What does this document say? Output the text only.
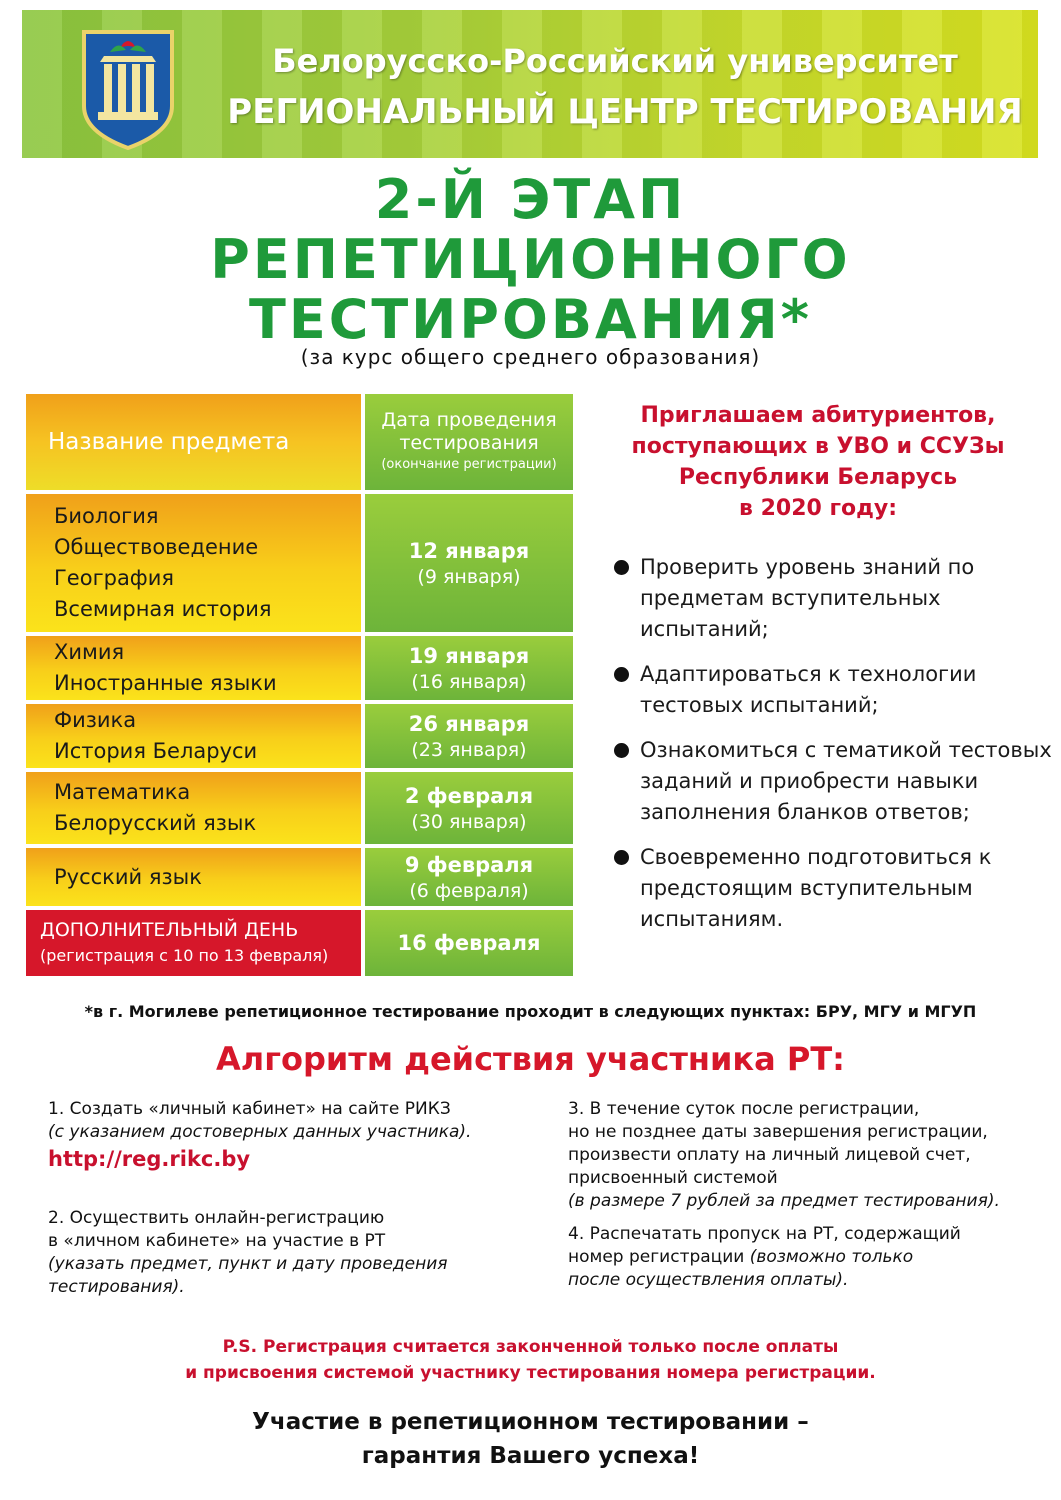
Белорусско-Российский университет
РЕГИОНАЛЬНЫЙ ЦЕНТР ТЕСТИРОВАНИЯ
2-Й ЭТАП
РЕПЕТИЦИОННОГО
ТЕСТИРОВАНИЯ*
(за курс общего среднего образования)
Название предмета
Дата проведения
тестирования
(окончание регистрации)
Биология
Обществоведение
География
Всемирная история
12 января
(9 января)
Химия
Иностранные языки
19 января
(16 января)
Физика
История Беларуси
26 января
(23 января)
Математика
Белорусский язык
2 февраля
(30 января)
Русский язык	9 февраля
(6 февраля)
ДОПОЛНИТЕЛЬНЫЙ ДЕНЬ
(регистрация с 10 по 13 февраля)
16 февраля
Приглашаем абитуриентов,
поступающих в УВО и ССУЗы
Республики Беларусь
в 2020 году:
Проверить уровень знаний по предметам вступительных испытаний;
Адаптироваться к технологии тестовых испытаний;
Ознакомиться с тематикой тестовых заданий и приобрести навыки заполнения бланков ответов;
Своевременно подготовиться к предстоящим вступительным испытаниям.
*в г. Могилеве репетиционное тестирование проходит в следующих пунктах: БРУ, МГУ и МГУП
Алгоритм действия участника РТ:
1. Создать «личный кабинет» на сайте РИКЗ
(с указанием достоверных данных участника).
http://reg.rikc.by
2. Осуществить онлайн-регистрацию
в «личном кабинете» на участие в РТ
(указать предмет, пункт и дату проведения
тестирования).
3. В течение суток после регистрации,
но не позднее даты завершения регистрации,
произвести оплату на личный лицевой счет,
присвоенный системой
(в размере 7 рублей за предмет тестирования).
4. Распечатать пропуск на РТ, содержащий
номер регистрации (возможно только
после осуществления оплаты).
P.S. Регистрация считается законченной только после оплаты
и присвоения системой участнику тестирования номера регистрации.
Участие в репетиционном тестировании –
гарантия Вашего успеха!
